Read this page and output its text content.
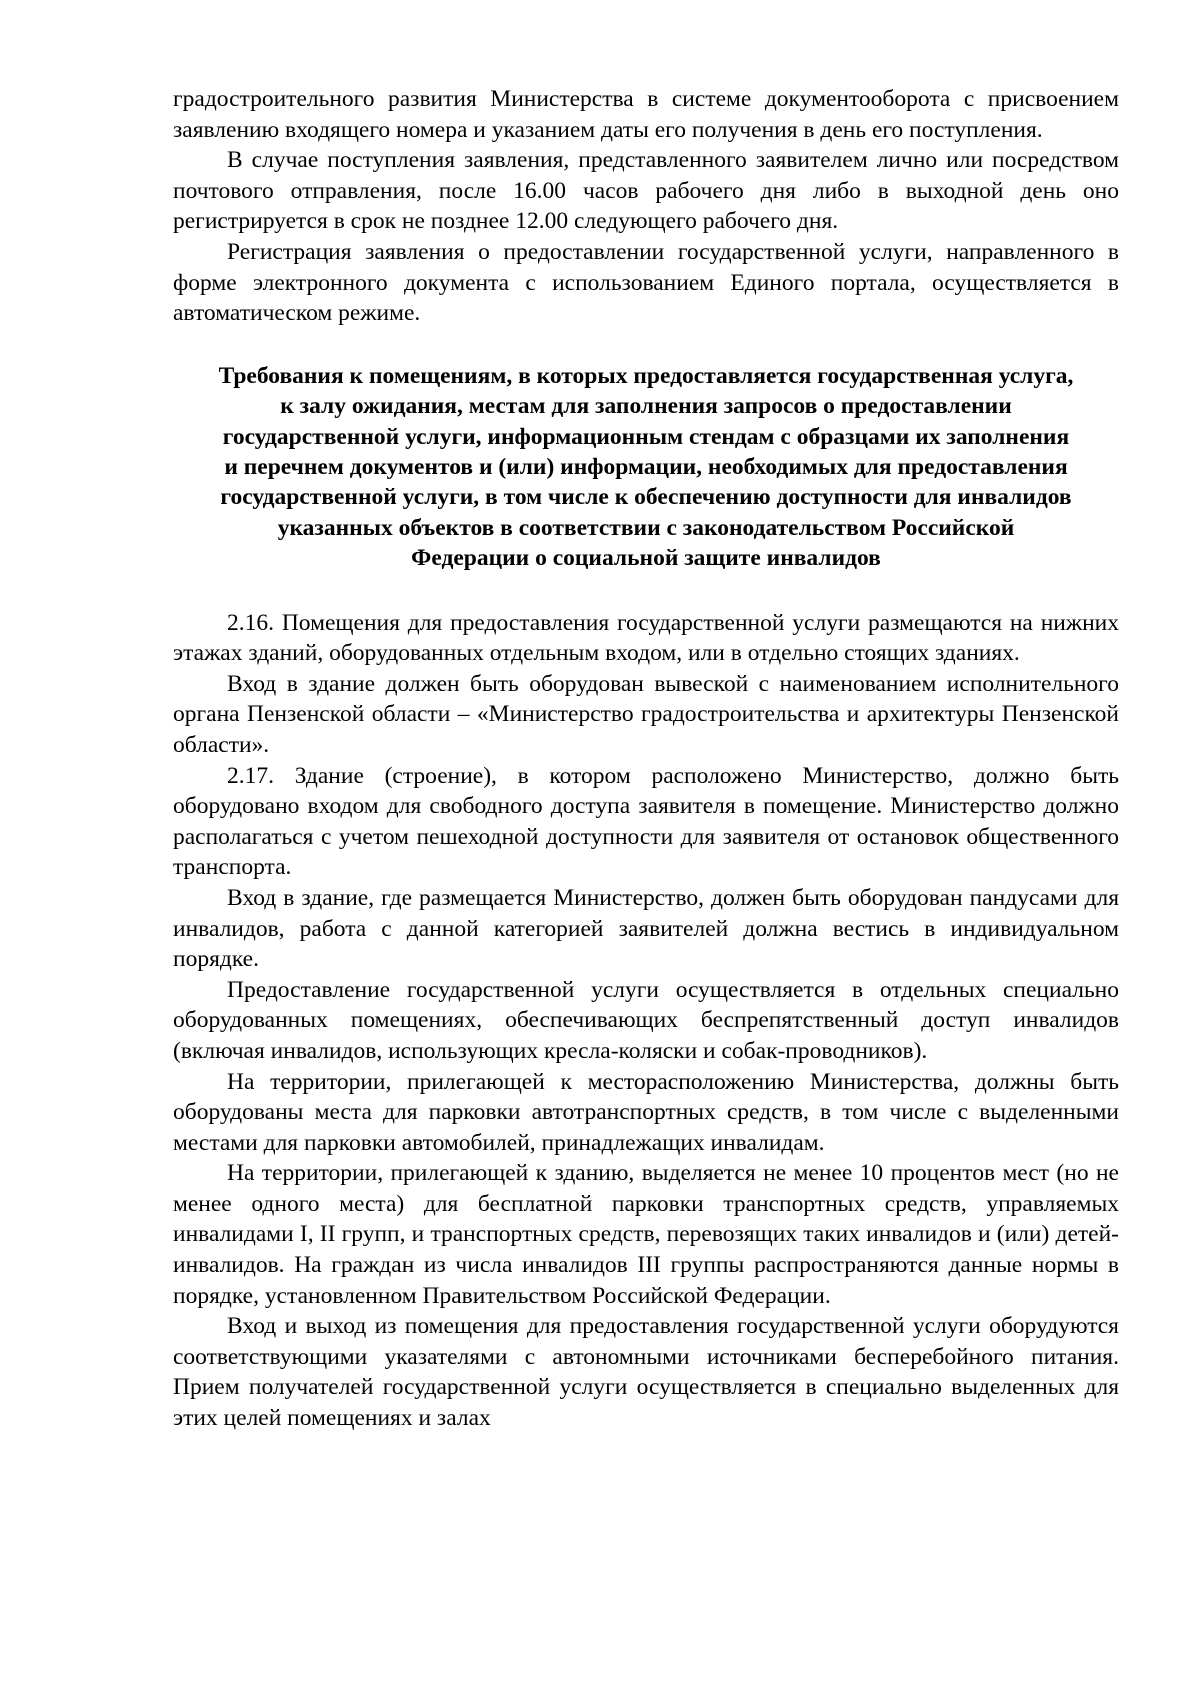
градостроительного развития Министерства в системе документооборота с присвоением заявлению входящего номера и указанием даты его получения в день его поступления.

В случае поступления заявления, представленного заявителем лично или посредством почтового отправления, после 16.00 часов рабочего дня либо в выходной день оно регистрируется в срок не позднее 12.00 следующего рабочего дня.

Регистрация заявления о предоставлении государственной услуги, направленного в форме электронного документа с использованием Единого портала, осуществляется в автоматическом режиме.

Требования к помещениям, в которых предоставляется государственная услуга, к залу ожидания, местам для заполнения запросов о предоставлении государственной услуги, информационным стендам с образцами их заполнения и перечнем документов и (или) информации, необходимых для предоставления государственной услуги, в том числе к обеспечению доступности для инвалидов указанных объектов в соответствии с законодательством Российской Федерации о социальной защите инвалидов

2.16. Помещения для предоставления государственной услуги размещаются на нижних этажах зданий, оборудованных отдельным входом, или в отдельно стоящих зданиях.

Вход в здание должен быть оборудован вывеской с наименованием исполнительного органа Пензенской области – «Министерство градостроительства и архитектуры Пензенской области».

2.17. Здание (строение), в котором расположено Министерство, должно быть оборудовано входом для свободного доступа заявителя в помещение. Министерство должно располагаться с учетом пешеходной доступности для заявителя от остановок общественного транспорта.

Вход в здание, где размещается Министерство, должен быть оборудован пандусами для инвалидов, работа с данной категорией заявителей должна вестись в индивидуальном порядке.

Предоставление государственной услуги осуществляется в отдельных специально оборудованных помещениях, обеспечивающих беспрепятственный доступ инвалидов (включая инвалидов, использующих кресла-коляски и собак-проводников).

На территории, прилегающей к месторасположению Министерства, должны быть оборудованы места для парковки автотранспортных средств, в том числе с выделенными местами для парковки автомобилей, принадлежащих инвалидам.

На территории, прилегающей к зданию, выделяется не менее 10 процентов мест (но не менее одного места) для бесплатной парковки транспортных средств, управляемых инвалидами I, II групп, и транспортных средств, перевозящих таких инвалидов и (или) детей-инвалидов. На граждан из числа инвалидов III группы распространяются данные нормы в порядке, установленном Правительством Российской Федерации.

Вход и выход из помещения для предоставления государственной услуги оборудуются соответствующими указателями с автономными источниками бесперебойного питания. Прием получателей государственной услуги осуществляется в специально выделенных для этих целей помещениях и залах
